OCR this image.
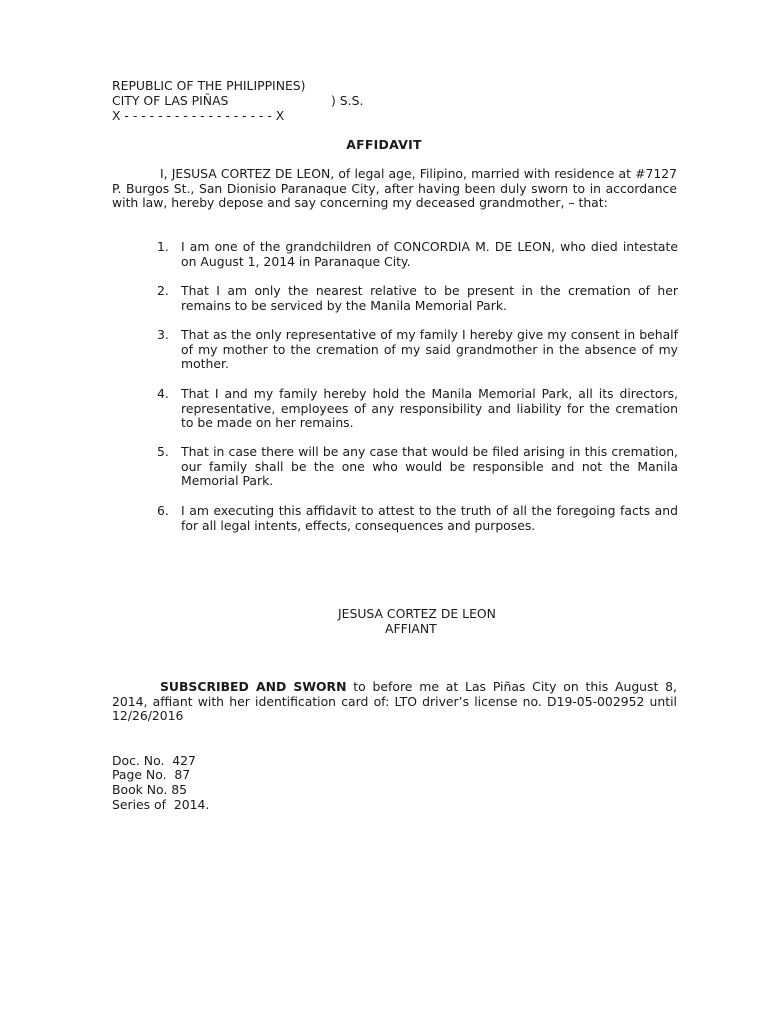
REPUBLIC OF THE PHILIPPINES)
CITY OF LAS PIÑAS	) S.S.
X - - - - - - - - - - - - - - - - - - X
AFFIDAVIT
I, JESUSA CORTEZ DE LEON, of legal age, Filipino, married with residence at #7127 P. Burgos St., San Dionisio Paranaque City, after having been duly sworn to in accordance with law, hereby depose and say concerning my deceased grandmother, – that:
1. I am one of the grandchildren of CONCORDIA M. DE LEON, who died intestate on August 1, 2014 in Paranaque City.
2. That I am only the nearest relative to be present in the cremation of her remains to be serviced by the Manila Memorial Park.
3. That as the only representative of my family I hereby give my consent in behalf of my mother to the cremation of my said grandmother in the absence of my mother.
4. That I and my family hereby hold the Manila Memorial Park, all its directors, representative, employees of any responsibility and liability for the cremation to be made on her remains.
5. That in case there will be any case that would be filed arising in this cremation, our family shall be the one who would be responsible and not the Manila Memorial Park.
6. I am executing this affidavit to attest to the truth of all the foregoing facts and for all legal intents, effects, consequences and purposes.
JESUSA CORTEZ DE LEON
AFFIANT
SUBSCRIBED AND SWORN to before me at Las Piñas City on this August 8, 2014, affiant with her identification card of: LTO driver’s license no. D19-05-002952 until 12/26/2016
Doc. No.  427
Page No.  87
Book No. 85
Series of  2014.
